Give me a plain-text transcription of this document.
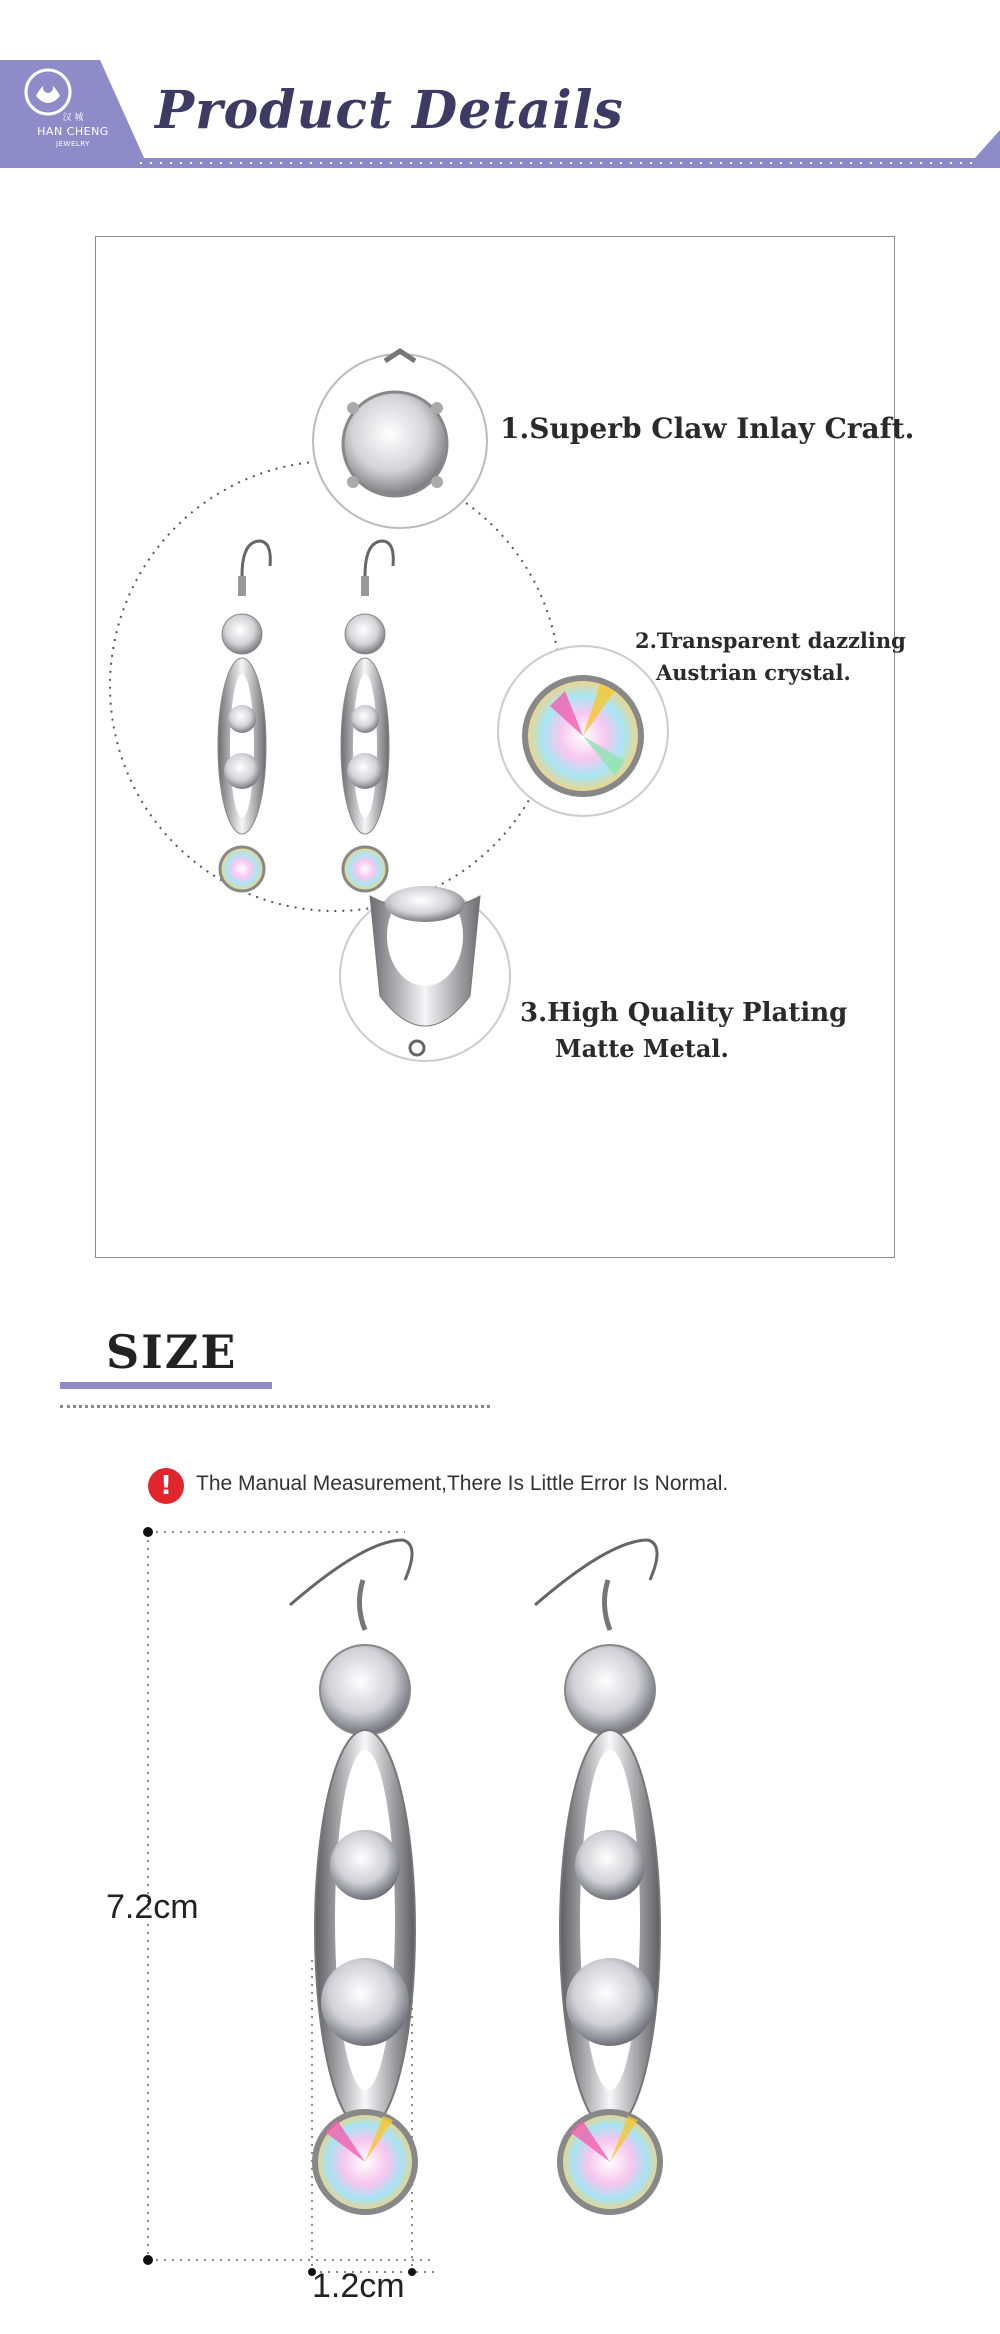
汉 城
HAN CHENG
JEWELRY
Product Details
1.Superb Claw Inlay Craft.
2.Transparent dazzling
Austrian crystal.
3.High Quality Plating
Matte Metal.
SIZE
!	The Manual Measurement,There Is Little Error Is Normal.
7.2cm
1.2cm
